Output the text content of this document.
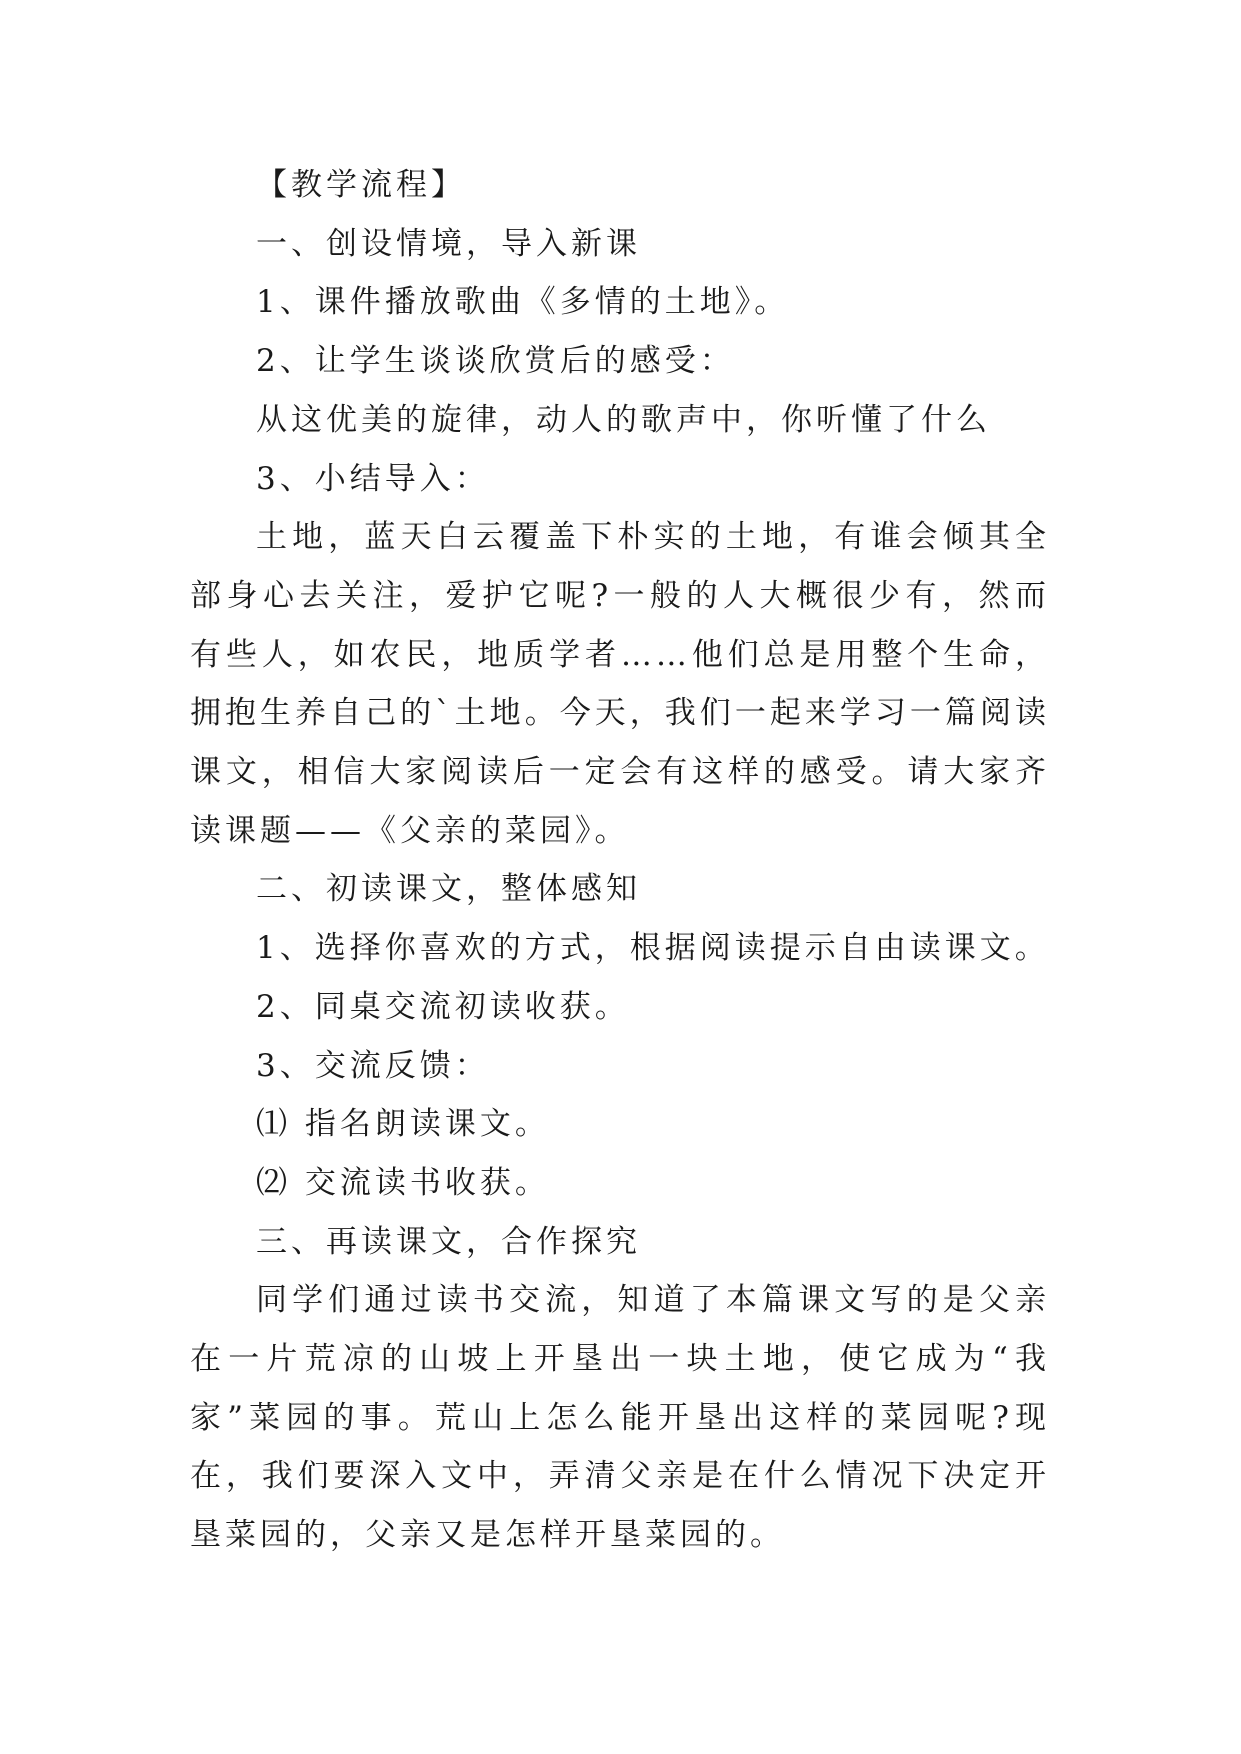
【教学流程】

一、创设情境，导入新课

1、课件播放歌曲《多情的土地》。

2、让学生谈谈欣赏后的感受：

从这优美的旋律，动人的歌声中，你听懂了什么

3、小结导入：

土地，蓝天白云覆盖下朴实的土地，有谁会倾其全部身心去关注，爱护它呢?一般的人大概很少有，然而有些人，如农民，地质学者……他们总是用整个生命，拥抱生养自己的`土地。今天，我们一起来学习一篇阅读课文，相信大家阅读后一定会有这样的感受。请大家齐读课题——《父亲的菜园》。

二、初读课文，整体感知

1、选择你喜欢的方式，根据阅读提示自由读课文。

2、同桌交流初读收获。

3、交流反馈：

⑴ 指名朗读课文。

⑵ 交流读书收获。

三、再读课文，合作探究

同学们通过读书交流，知道了本篇课文写的是父亲在一片荒凉的山坡上开垦出一块土地，使它成为“我家”菜园的事。荒山上怎么能开垦出这样的菜园呢?现在，我们要深入文中，弄清父亲是在什么情况下决定开垦菜园的，父亲又是怎样开垦菜园的。
